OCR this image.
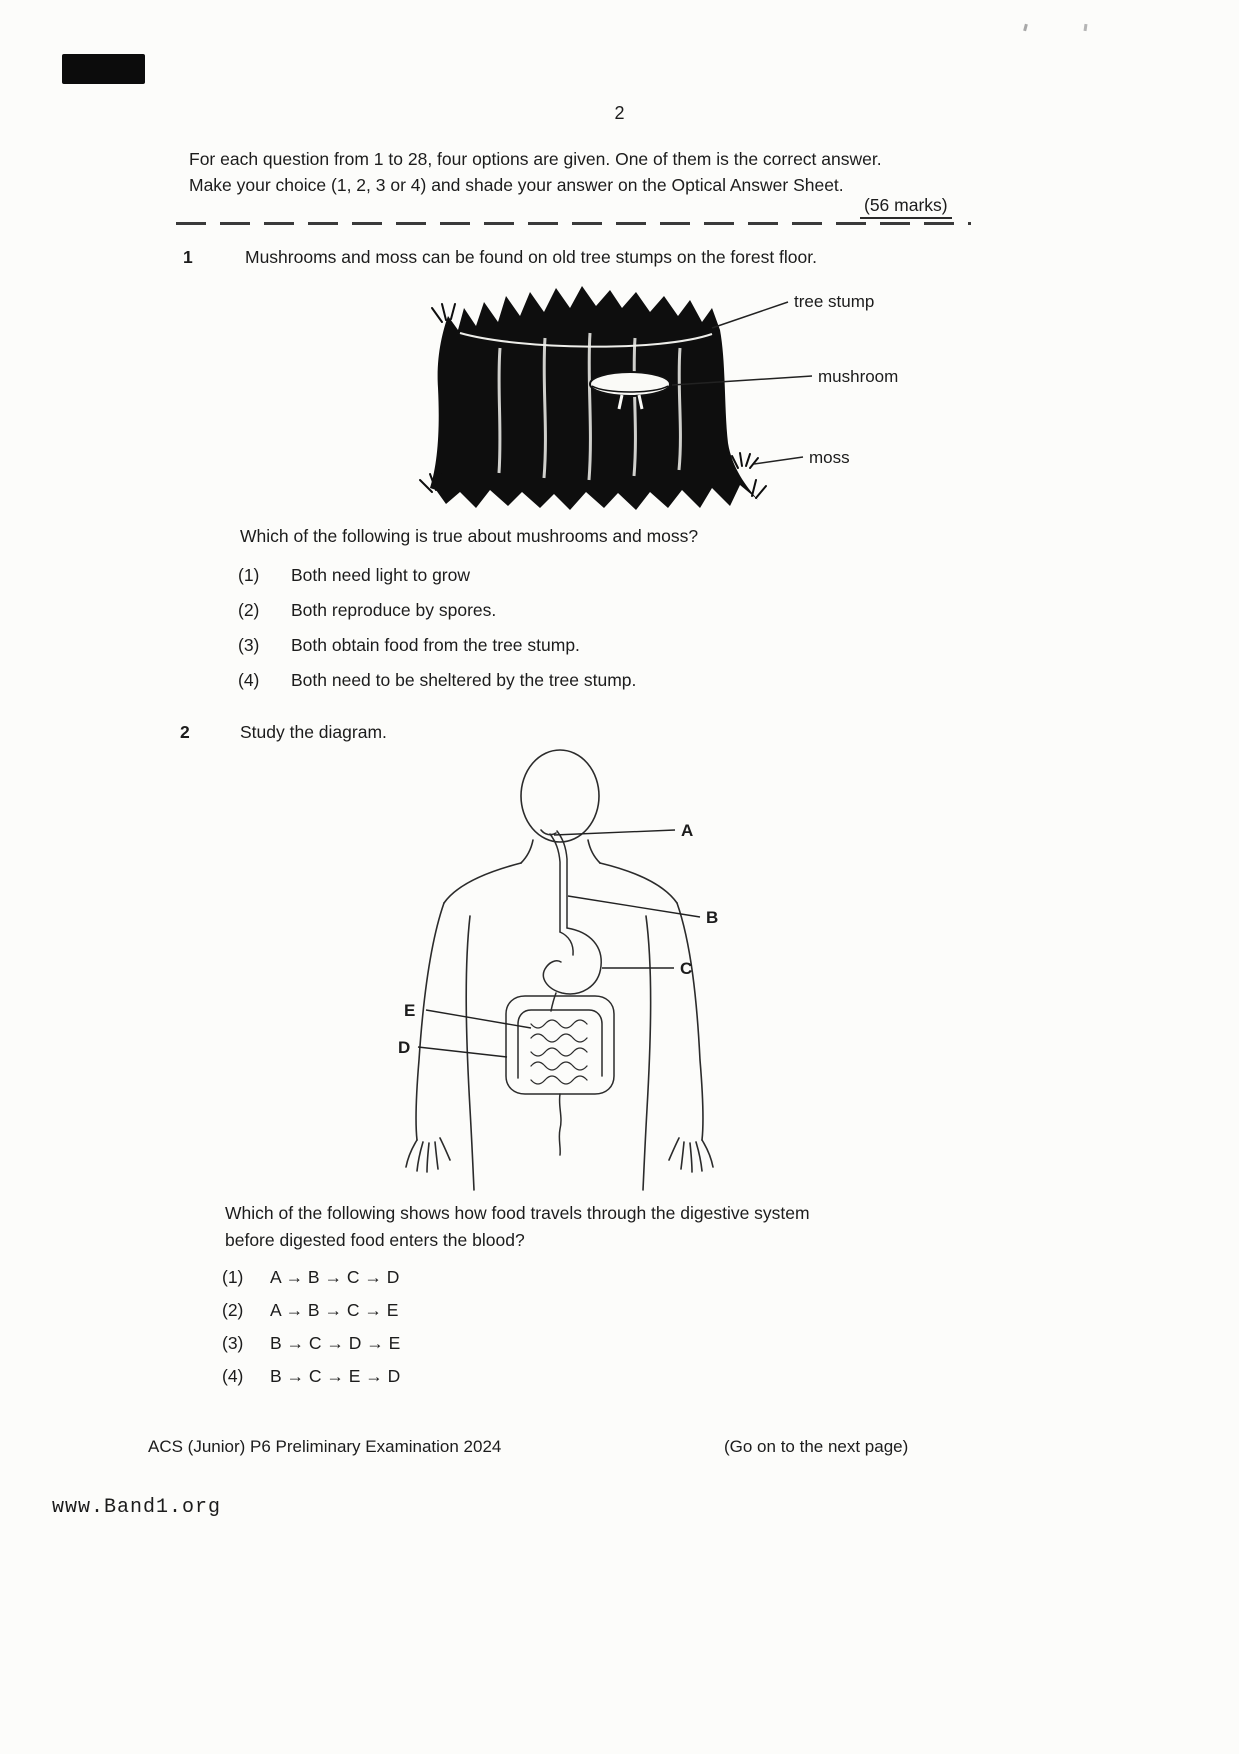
2
For each question from 1 to 28, four options are given. One of them is the correct answer.
Make your choice (1, 2, 3 or 4) and shade your answer on the Optical Answer Sheet.
(56 marks)
1	Mushrooms and moss can be found on old tree stumps on the forest floor.
tree stump
mushroom
moss
Which of the following is true about mushrooms and moss?
(1)	Both need light to grow
(2)	Both reproduce by spores.
(3)	Both obtain food from the tree stump.
(4)	Both need to be sheltered by the tree stump.
2	Study the diagram.
A
B
C
E
D
Which of the following shows how food travels through the digestive system
before digested food enters the blood?
(1)	A → B → C → D
(2)	A → B → C → E
(3)	B → C → D → E
(4)	B → C → E → D
ACS (Junior) P6 Preliminary Examination 2024	(Go on to the next page)
www.Band1.org
